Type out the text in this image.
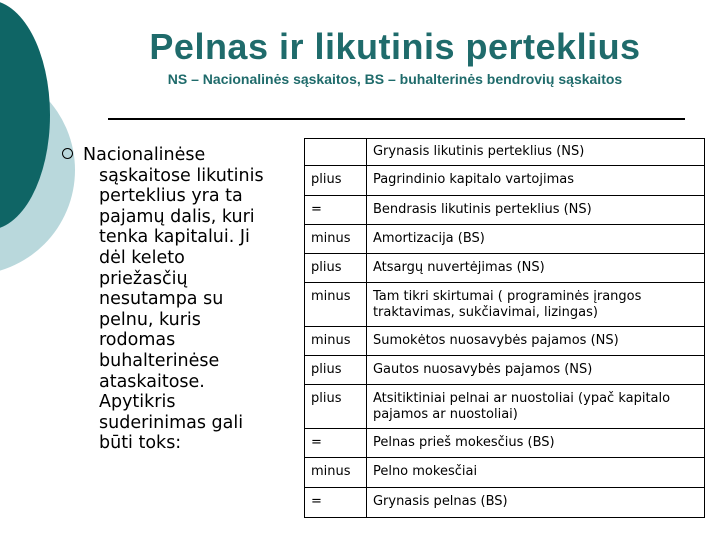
Pelnas ir likutinis perteklius
NS – Nacionalinės sąskaitos, BS – buhalterinės bendrovių sąskaitos
Nacionalinėse sąskaitose likutinis perteklius yra ta pajamų dalis, kuri tenka kapitalui. Ji dėl keleto priežasčių nesutampa su pelnu, kuris rodomas buhalterinėse ataskaitose. Apytikris suderinimas gali būti toks:
	Grynasis likutinis perteklius (NS)
plius	Pagrindinio kapitalo vartojimas
=	Bendrasis likutinis perteklius (NS)
minus	Amortizacija (BS)
plius	Atsargų nuvertėjimas (NS)
minus	Tam tikri skirtumai ( programinės įrangos traktavimas, sukčiavimai, lizingas)
minus	Sumokėtos nuosavybės pajamos (NS)
plius	Gautos nuosavybės pajamos (NS)
plius	Atsitiktiniai pelnai ar nuostoliai (ypač kapitalo pajamos ar nuostoliai)
=	Pelnas prieš mokesčius (BS)
minus	Pelno mokesčiai
=	Grynasis pelnas (BS)
